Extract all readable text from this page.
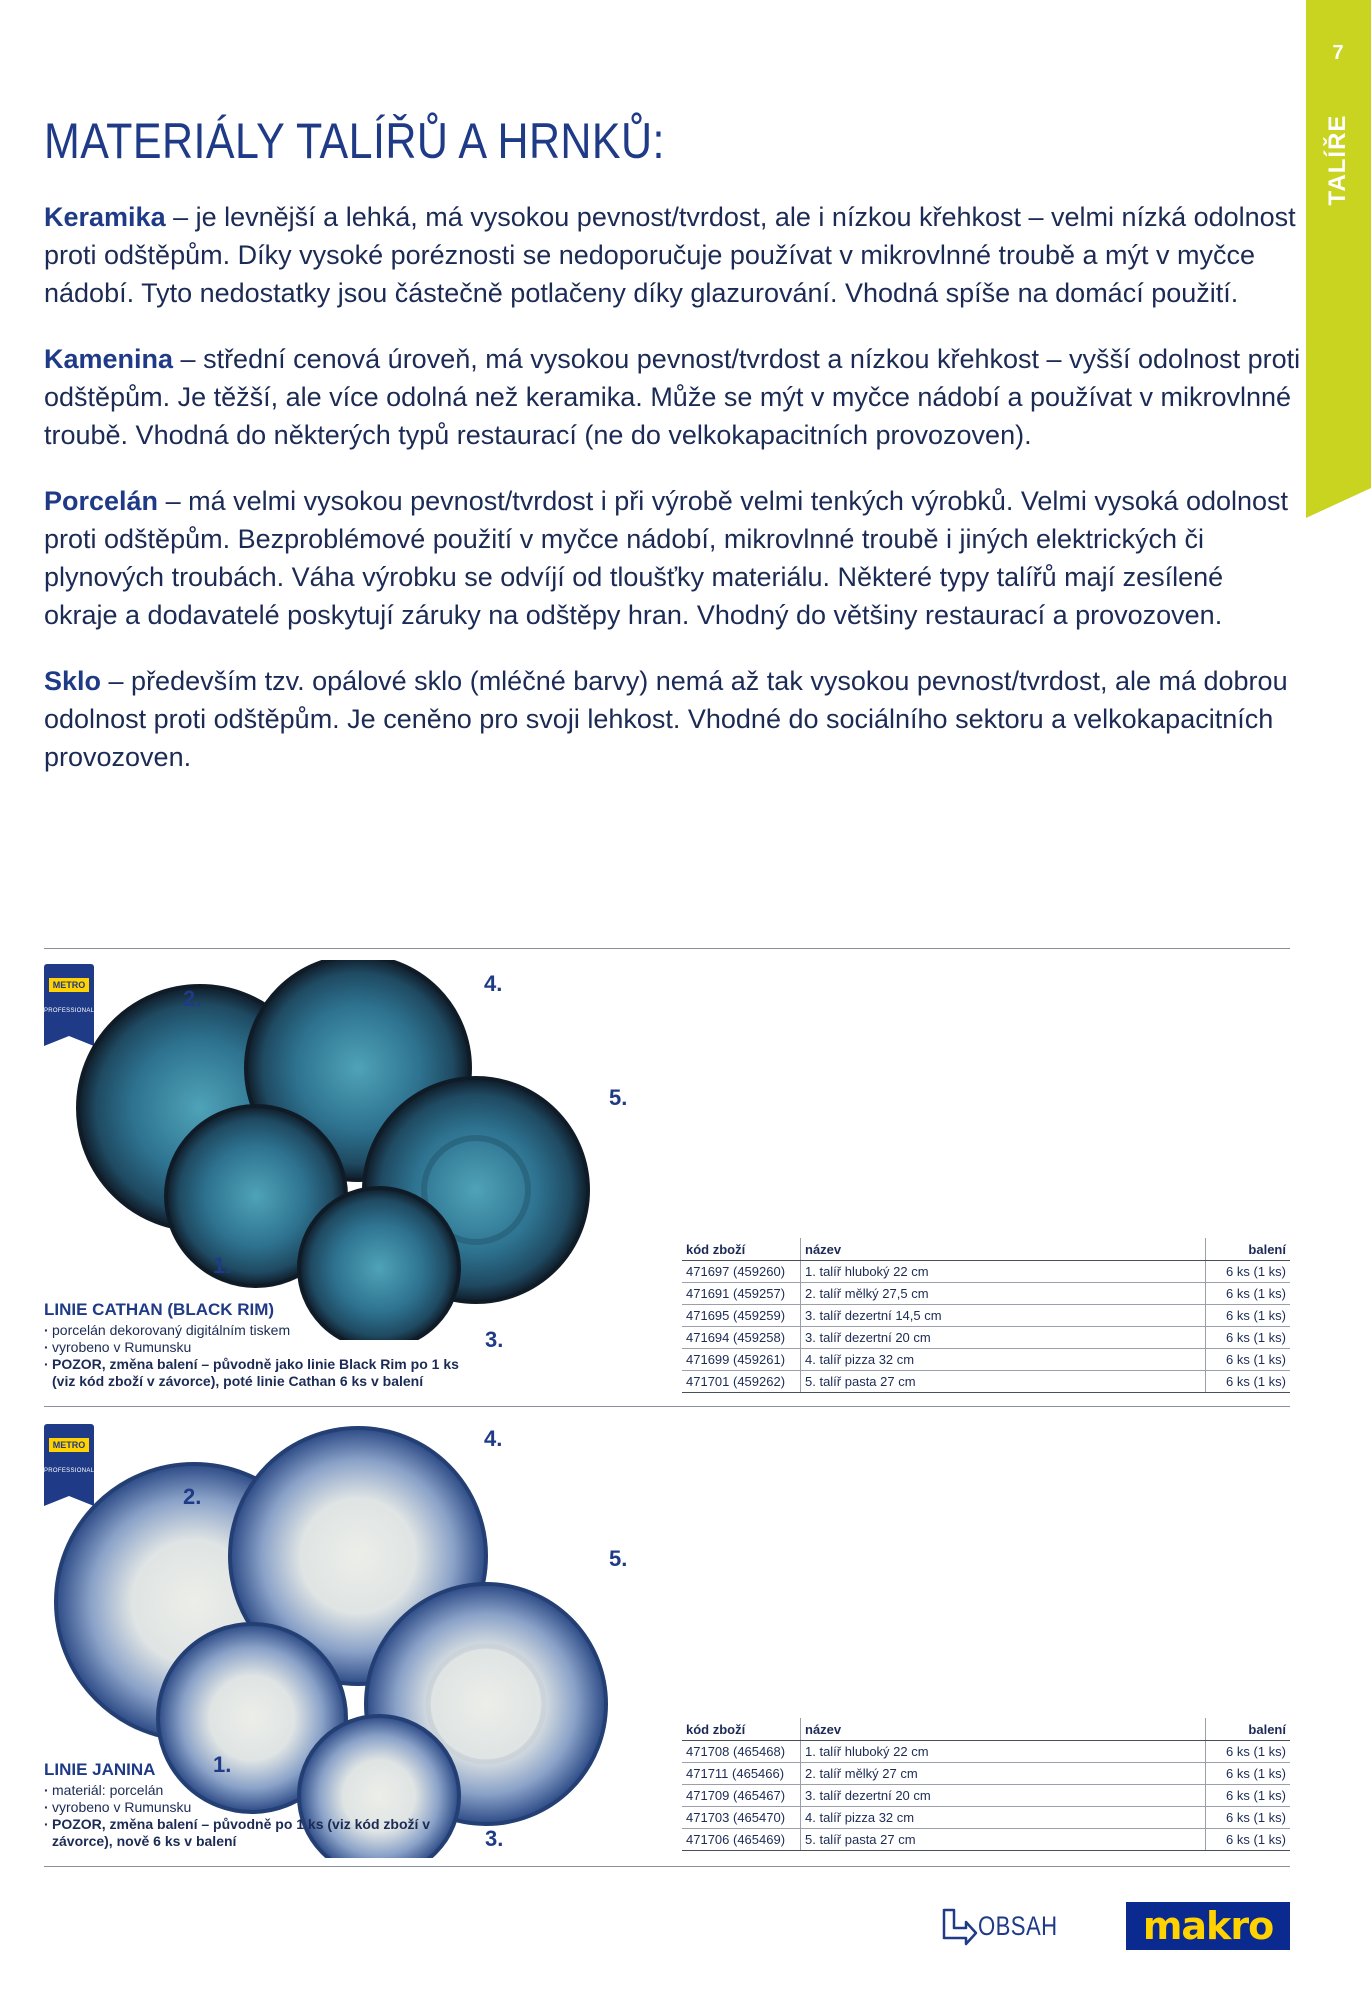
7
TALÍŘE
MATERIÁLY TALÍŘŮ A HRNKŮ:

Keramika – je levnější a lehká, má vysokou pevnost/tvrdost, ale i nízkou křehkost – velmi nízká odolnost proti odštěpům. Díky vysoké poréznosti se nedoporučuje používat v mikrovlnné troubě a mýt v myčce nádobí. Tyto nedostatky jsou částečně potlačeny díky glazurování. Vhodná spíše na domácí použití.

Kamenina – střední cenová úroveň, má vysokou pevnost/tvrdost a nízkou křehkost – vyšší odolnost proti odštěpům. Je těžší, ale více odolná než keramika. Může se mýt v myčce nádobí a používat v mikrovlnné troubě. Vhodná do některých typů restaurací (ne do velkokapacitních provozoven).

Porcelán – má velmi vysokou pevnost/tvrdost i při výrobě velmi tenkých výrobků. Velmi vysoká odolnost proti odštěpům. Bezproblémové použití v myčce nádobí, mikrovlnné troubě i jiných elektrických či plynových troubách. Váha výrobku se odvíjí od tloušťky materiálu. Některé typy talířů mají zesílené okraje a dodavatelé poskytují záruky na odštěpy hran. Vhodný do většiny restaurací a provozoven.

Sklo – především tzv. opálové sklo (mléčné barvy) nemá až tak vysokou pevnost/tvrdost, ale má dobrou odolnost proti odštěpům. Je ceněno pro svoji lehkost. Vhodné do sociálního sektoru a velkokapacitních provozoven.

METRO
PROFESSIONAL	2.
4.
5.
1.
3.
LINIE CATHAN (BLACK RIM)
· porcelán dekorovaný digitálním tiskem
· vyrobeno v Rumunsku
· POZOR, změna balení – původně jako linie Black Rim po 1 ks (viz kód zboží v závorce), poté linie Cathan 6 ks v balení
kód zboží	název	balení
471697 (459260)	1. talíř hluboký 22 cm	6 ks (1 ks)
471691 (459257)	2. talíř mělký 27,5 cm	6 ks (1 ks)
471695 (459259)	3. talíř dezertní 14,5 cm	6 ks (1 ks)
471694 (459258)	3. talíř dezertní 20 cm	6 ks (1 ks)
471699 (459261)	4. talíř pizza 32 cm	6 ks (1 ks)
471701 (459262)	5. talíř pasta 27 cm	6 ks (1 ks)
METRO
PROFESSIONAL
2.
4.
5.
1.
3.
LINIE JANINA
· materiál: porcelán
· vyrobeno v Rumunsku
· POZOR, změna balení – původně po 1 ks (viz kód zboží v závorce), nově 6 ks v balení
kód zboží	název	balení
471708 (465468)	1. talíř hluboký 22 cm	6 ks (1 ks)
471711 (465466)	2. talíř mělký 27 cm	6 ks (1 ks)
471709 (465467)	3. talíř dezertní 20 cm	6 ks (1 ks)
471703 (465470)	4. talíř pizza 32 cm	6 ks (1 ks)
471706 (465469)	5. talíř pasta 27 cm	6 ks (1 ks)
OBSAH makro
